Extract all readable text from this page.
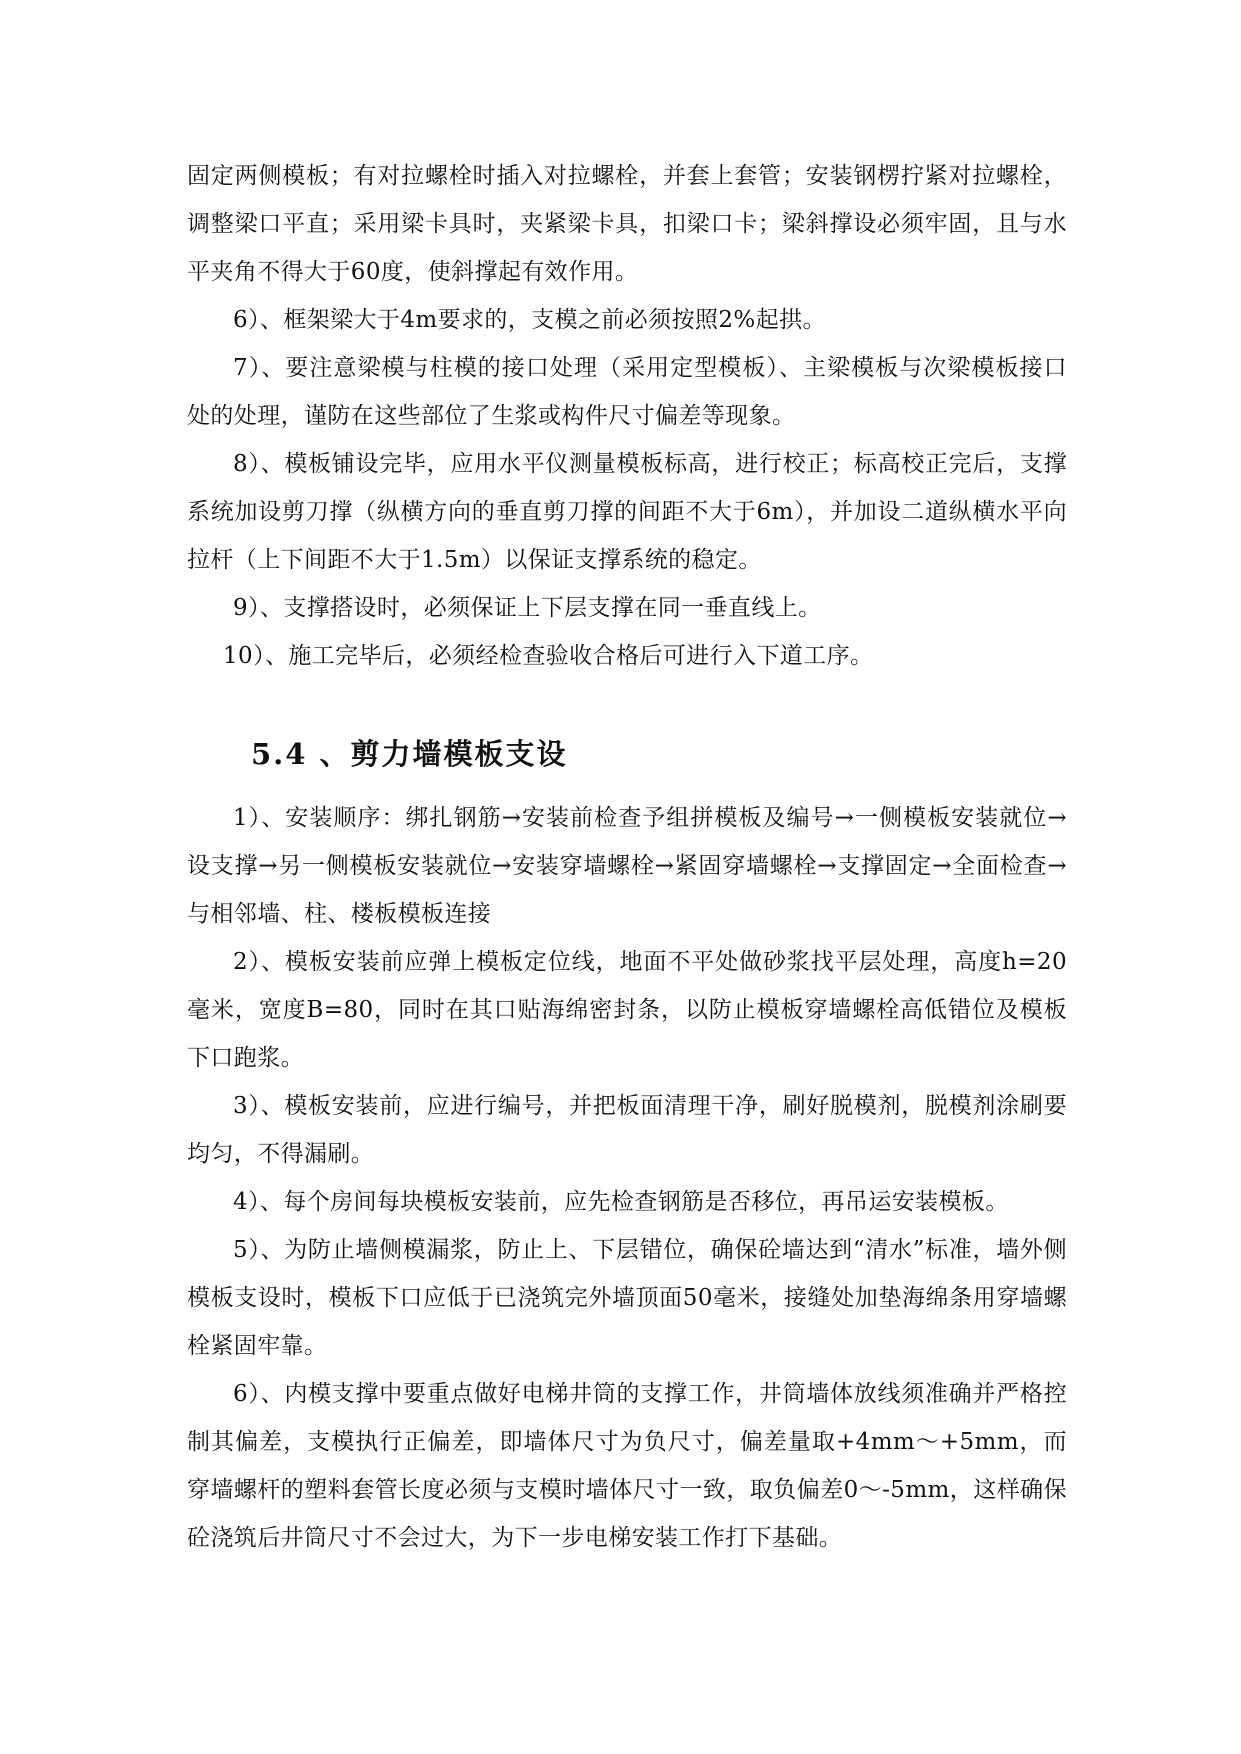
固定两侧模板；有对拉螺栓时插入对拉螺栓，并套上套管；安装钢楞拧紧对拉螺栓，调整梁口平直；采用梁卡具时，夹紧梁卡具，扣梁口卡；梁斜撑设必须牢固，且与水平夹角不得大于60度，使斜撑起有效作用。

6）、框架梁大于4m要求的，支模之前必须按照2%起拱。

7）、要注意梁模与柱模的接口处理（采用定型模板）、主梁模板与次梁模板接口处的处理，谨防在这些部位了生浆或构件尺寸偏差等现象。

8）、模板铺设完毕，应用水平仪测量模板标高，进行校正；标高校正完后，支撑系统加设剪刀撑（纵横方向的垂直剪刀撑的间距不大于6m），并加设二道纵横水平向拉杆（上下间距不大于1.5m）以保证支撑系统的稳定。

9）、支撑搭设时，必须保证上下层支撑在同一垂直线上。

10）、施工完毕后，必须经检查验收合格后可进行入下道工序。

5.4 、剪力墙模板支设

1）、安装顺序：绑扎钢筋→安装前检查予组拼模板及编号→一侧模板安装就位→设支撑→另一侧模板安装就位→安装穿墙螺栓→紧固穿墙螺栓→支撑固定→全面检查→与相邻墙、柱、楼板模板连接

2）、模板安装前应弹上模板定位线，地面不平处做砂浆找平层处理，高度h=20毫米，宽度B=80，同时在其口贴海绵密封条，以防止模板穿墙螺栓高低错位及模板下口跑浆。

3）、模板安装前，应进行编号，并把板面清理干净，刷好脱模剂，脱模剂涂刷要均匀，不得漏刷。

4）、每个房间每块模板安装前，应先检查钢筋是否移位，再吊运安装模板。

5）、为防止墙侧模漏浆，防止上、下层错位，确保砼墙达到“清水”标准，墙外侧模板支设时，模板下口应低于已浇筑完外墙顶面50毫米，接缝处加垫海绵条用穿墙螺栓紧固牢靠。

6）、内模支撑中要重点做好电梯井筒的支撑工作，井筒墙体放线须准确并严格控制其偏差，支模执行正偏差，即墙体尺寸为负尺寸，偏差量取+4mm～+5mm，而穿墙螺杆的塑料套管长度必须与支模时墙体尺寸一致，取负偏差0～-5mm，这样确保砼浇筑后井筒尺寸不会过大，为下一步电梯安装工作打下基础。
